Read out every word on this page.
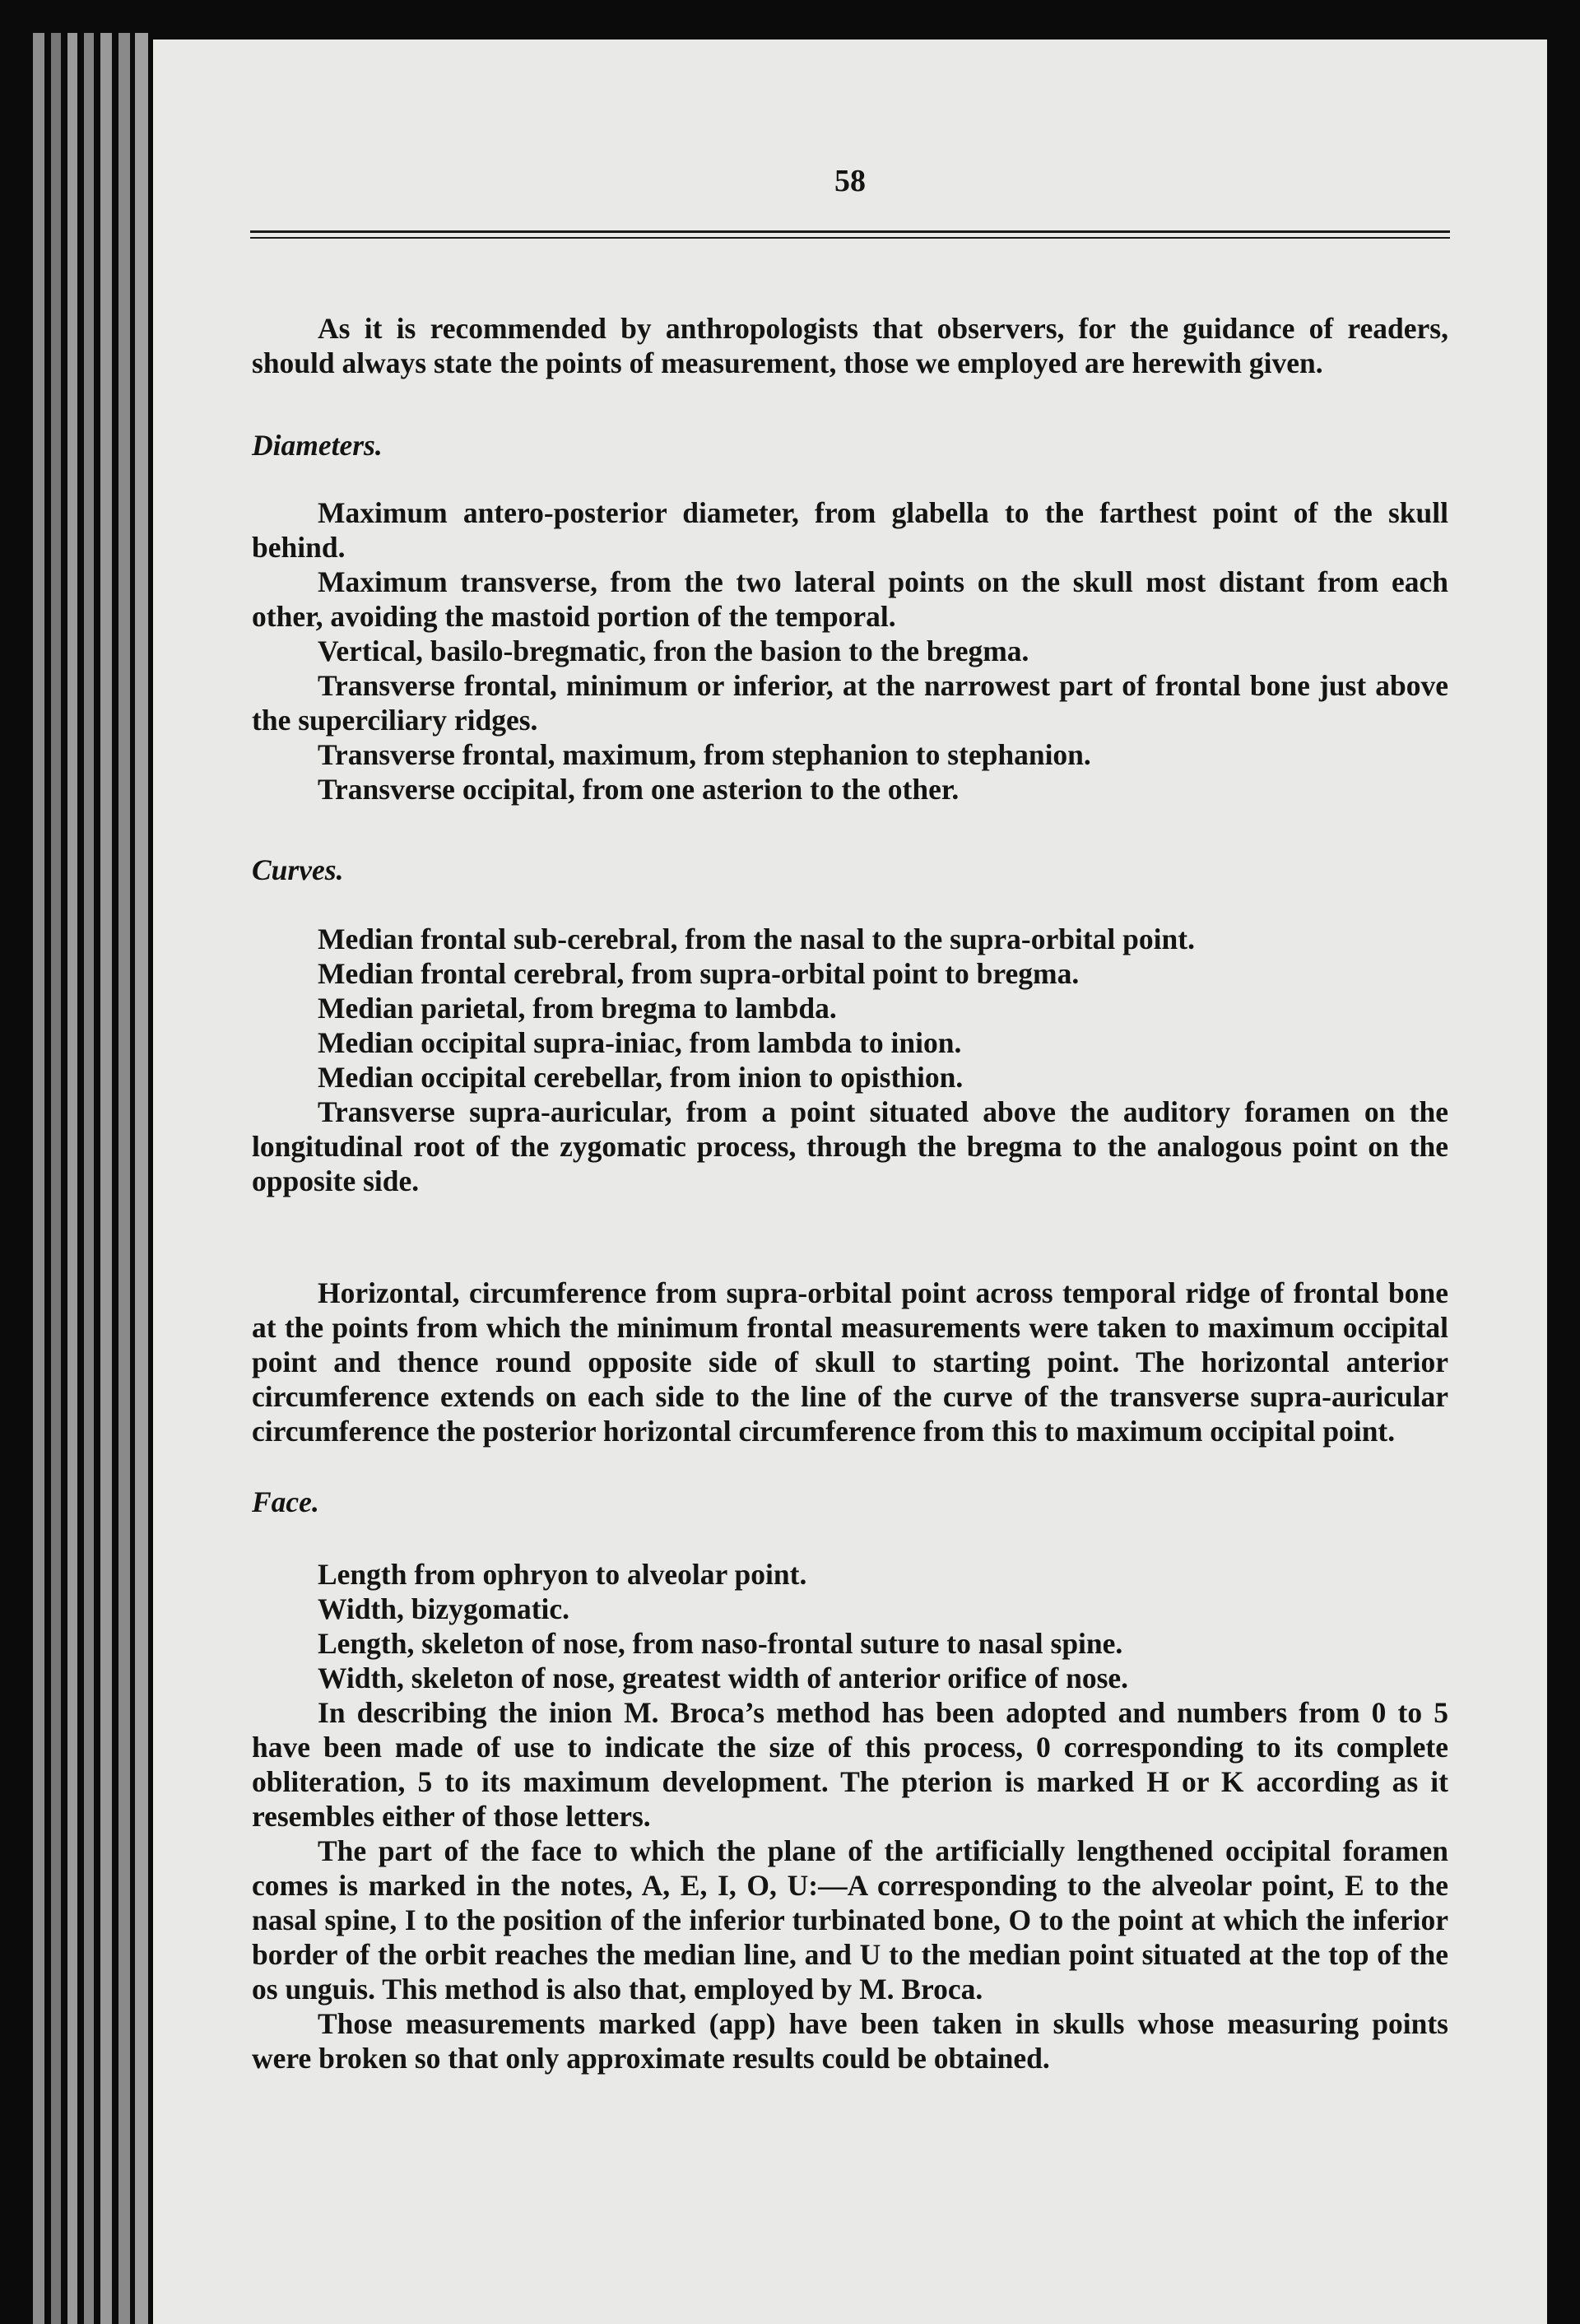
58

As it is recommended by anthropologists that observers, for the guidance of readers, should always state the points of measurement, those we employed are herewith given.

Diameters.

Maximum antero-posterior diameter, from glabella to the farthest point of the skull behind.

Maximum transverse, from the two lateral points on the skull most distant from each other, avoiding the mastoid portion of the temporal.

Vertical, basilo-bregmatic, fron the basion to the bregma.

Transverse frontal, minimum or inferior, at the narrowest part of frontal bone just above the superciliary ridges.

Transverse frontal, maximum, from stephanion to stephanion.

Transverse occipital, from one asterion to the other.

Curves.

Median frontal sub-cerebral, from the nasal to the supra-orbital point.

Median frontal cerebral, from supra-orbital point to bregma.

Median parietal, from bregma to lambda.

Median occipital supra-iniac, from lambda to inion.

Median occipital cerebellar, from inion to opisthion.

Transverse supra-auricular, from a point situated above the auditory foramen on the longitudinal root of the zygomatic process, through the bregma to the analogous point on the opposite side.

Horizontal, circumference from supra-orbital point across temporal ridge of frontal bone at the points from which the minimum frontal measurements were taken to maximum occipital point and thence round opposite side of skull to starting point. The horizontal anterior circumference extends on each side to the line of the curve of the transverse supra-auricular circumference the posterior horizontal circumference from this to maximum occipital point.

Face.

Length from ophryon to alveolar point.

Width, bizygomatic.

Length, skeleton of nose, from naso-frontal suture to nasal spine.

Width, skeleton of nose, greatest width of anterior orifice of nose.

In describing the inion M. Broca’s method has been adopted and numbers from 0 to 5 have been made of use to indicate the size of this process, 0 corresponding to its complete obliteration, 5 to its maximum development. The pterion is marked H or K according as it resembles either of those letters.

The part of the face to which the plane of the artificially lengthened occipital foramen comes is marked in the notes, A, E, I, O, U:—A corresponding to the alveolar point, E to the nasal spine, I to the position of the inferior turbinated bone, O to the point at which the inferior border of the orbit reaches the median line, and U to the median point situated at the top of the os unguis. This method is also that, employed by M. Broca.

Those measurements marked (app) have been taken in skulls whose measuring points were broken so that only approximate results could be obtained.
